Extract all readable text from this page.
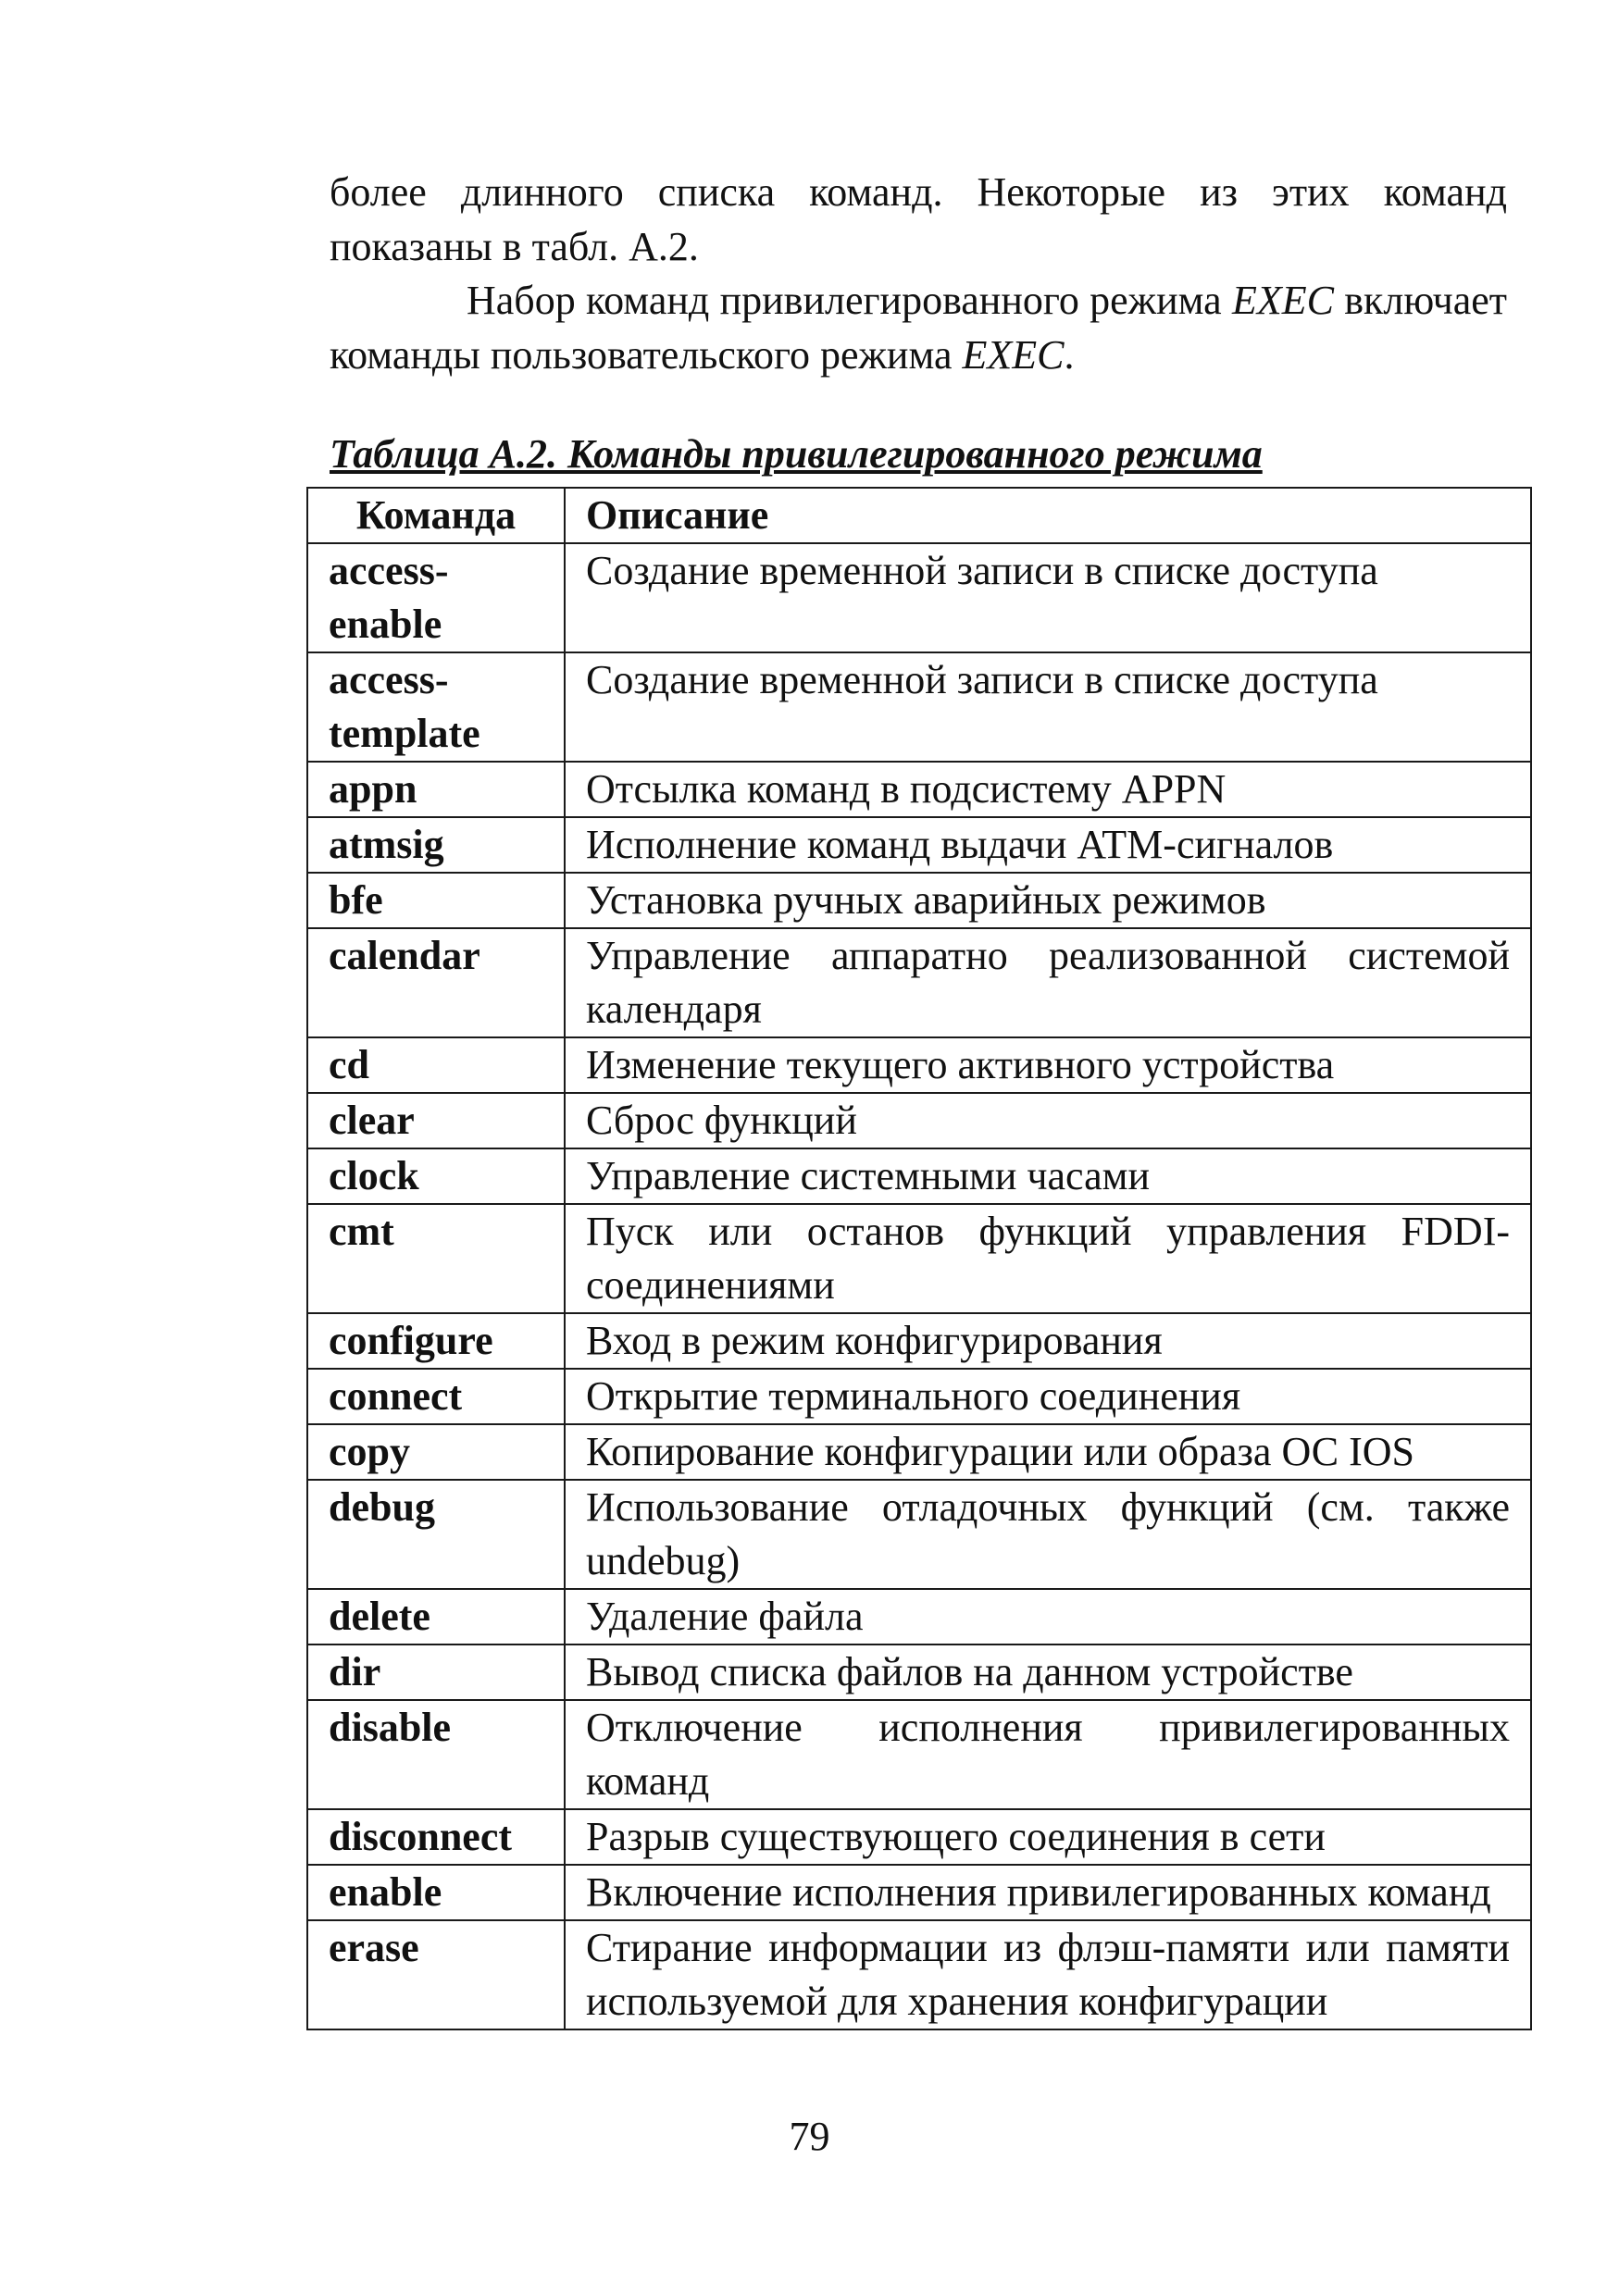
более длинного списка команд. Некоторые из этих команд показаны в табл. А.2.

Набор команд привилегированного режима EXEC включает команды пользовательского режима EXEC.

Таблица А.2. Команды привилегированного режима

Команда	Описание
access-enable	Создание временной записи в списке доступа
access-template	Создание временной записи в списке доступа
appn	Отсылка команд в подсистему APPN
atmsig	Исполнение команд выдачи ATM-сигналов
bfe	Установка ручных аварийных режимов
calendar	Управление аппаратно реализованной системой календаря
cd	Изменение текущего активного устройства
clear	Сброс функций
clock	Управление системными часами
cmt	Пуск или останов функций управления FDDI-соединениями
configure	Вход в режим конфигурирования
connect	Открытие терминального соединения
copy	Копирование конфигурации или образа ОС IOS
debug	Использование отладочных функций (см. также undebug)
delete	Удаление файла
dir	Вывод списка файлов на данном устройстве
disable	Отключение исполнения привилегированных команд
disconnect	Разрыв существующего соединения в сети
enable	Включение исполнения привилегированных команд
erase	Стирание информации из флэш-памяти или памяти используемой для хранения конфигурации

79
